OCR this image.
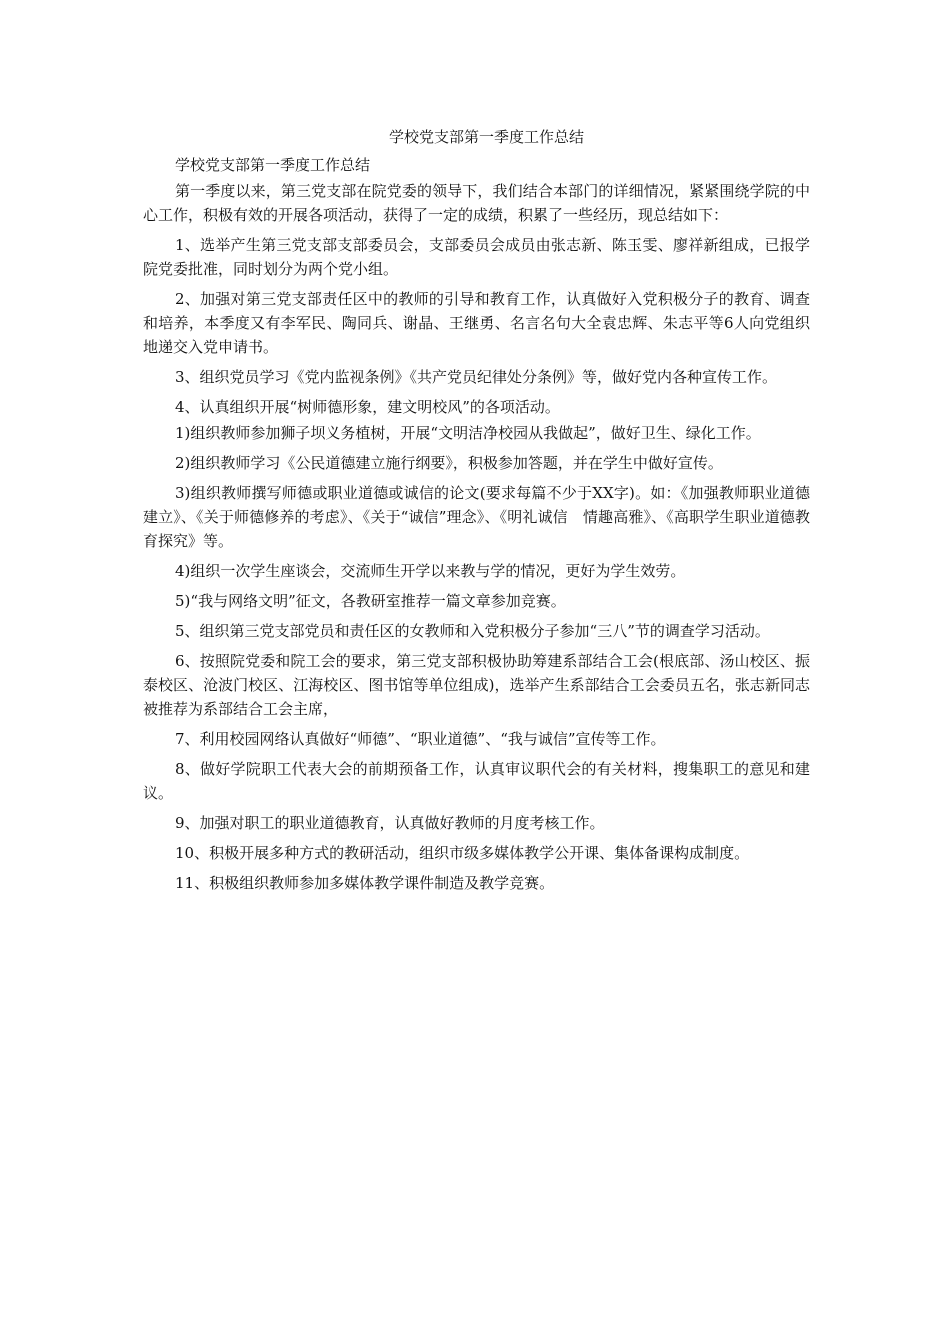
学校党支部第一季度工作总结

学校党支部第一季度工作总结

第一季度以来，第三党支部在院党委的领导下，我们结合本部门的详细情况，紧紧围绕学院的中心工作，积极有效的开展各项活动，获得了一定的成绩，积累了一些经历，现总结如下：

1、选举产生第三党支部支部委员会，支部委员会成员由张志新、陈玉雯、廖祥新组成，已报学院党委批准，同时划分为两个党小组。

2、加强对第三党支部责任区中的教师的引导和教育工作，认真做好入党积极分子的教育、调查和培养，本季度又有李军民、陶同兵、谢晶、王继勇、名言名句大全袁忠辉、朱志平等6人向党组织地递交入党申请书。

3、组织党员学习《党内监视条例》《共产党员纪律处分条例》等，做好党内各种宣传工作。

4、认真组织开展“树师德形象，建文明校风”的各项活动。

1)组织教师参加狮子坝义务植树，开展“文明洁净校园从我做起”，做好卫生、绿化工作。

2)组织教师学习《公民道德建立施行纲要》，积极参加答题，并在学生中做好宣传。

3)组织教师撰写师德或职业道德或诚信的论文(要求每篇不少于XX字)。如：《加强教师职业道德建立》、《关于师德修养的考虑》、《关于“诚信”理念》、《明礼诚信　情趣高雅》、《高职学生职业道德教育探究》等。

4)组织一次学生座谈会，交流师生开学以来教与学的情况，更好为学生效劳。

5)“我与网络文明”征文，各教研室推荐一篇文章参加竞赛。

5、组织第三党支部党员和责任区的女教师和入党积极分子参加“三八”节的调查学习活动。

6、按照院党委和院工会的要求，第三党支部积极协助筹建系部结合工会(根底部、汤山校区、振泰校区、沧波门校区、江海校区、图书馆等单位组成)，选举产生系部结合工会委员五名，张志新同志被推荐为系部结合工会主席，

7、利用校园网络认真做好“师德”、“职业道德”、“我与诚信”宣传等工作。

8、做好学院职工代表大会的前期预备工作，认真审议职代会的有关材料，搜集职工的意见和建议。

9、加强对职工的职业道德教育，认真做好教师的月度考核工作。

10、积极开展多种方式的教研活动，组织市级多媒体教学公开课、集体备课构成制度。

11、积极组织教师参加多媒体教学课件制造及教学竞赛。
